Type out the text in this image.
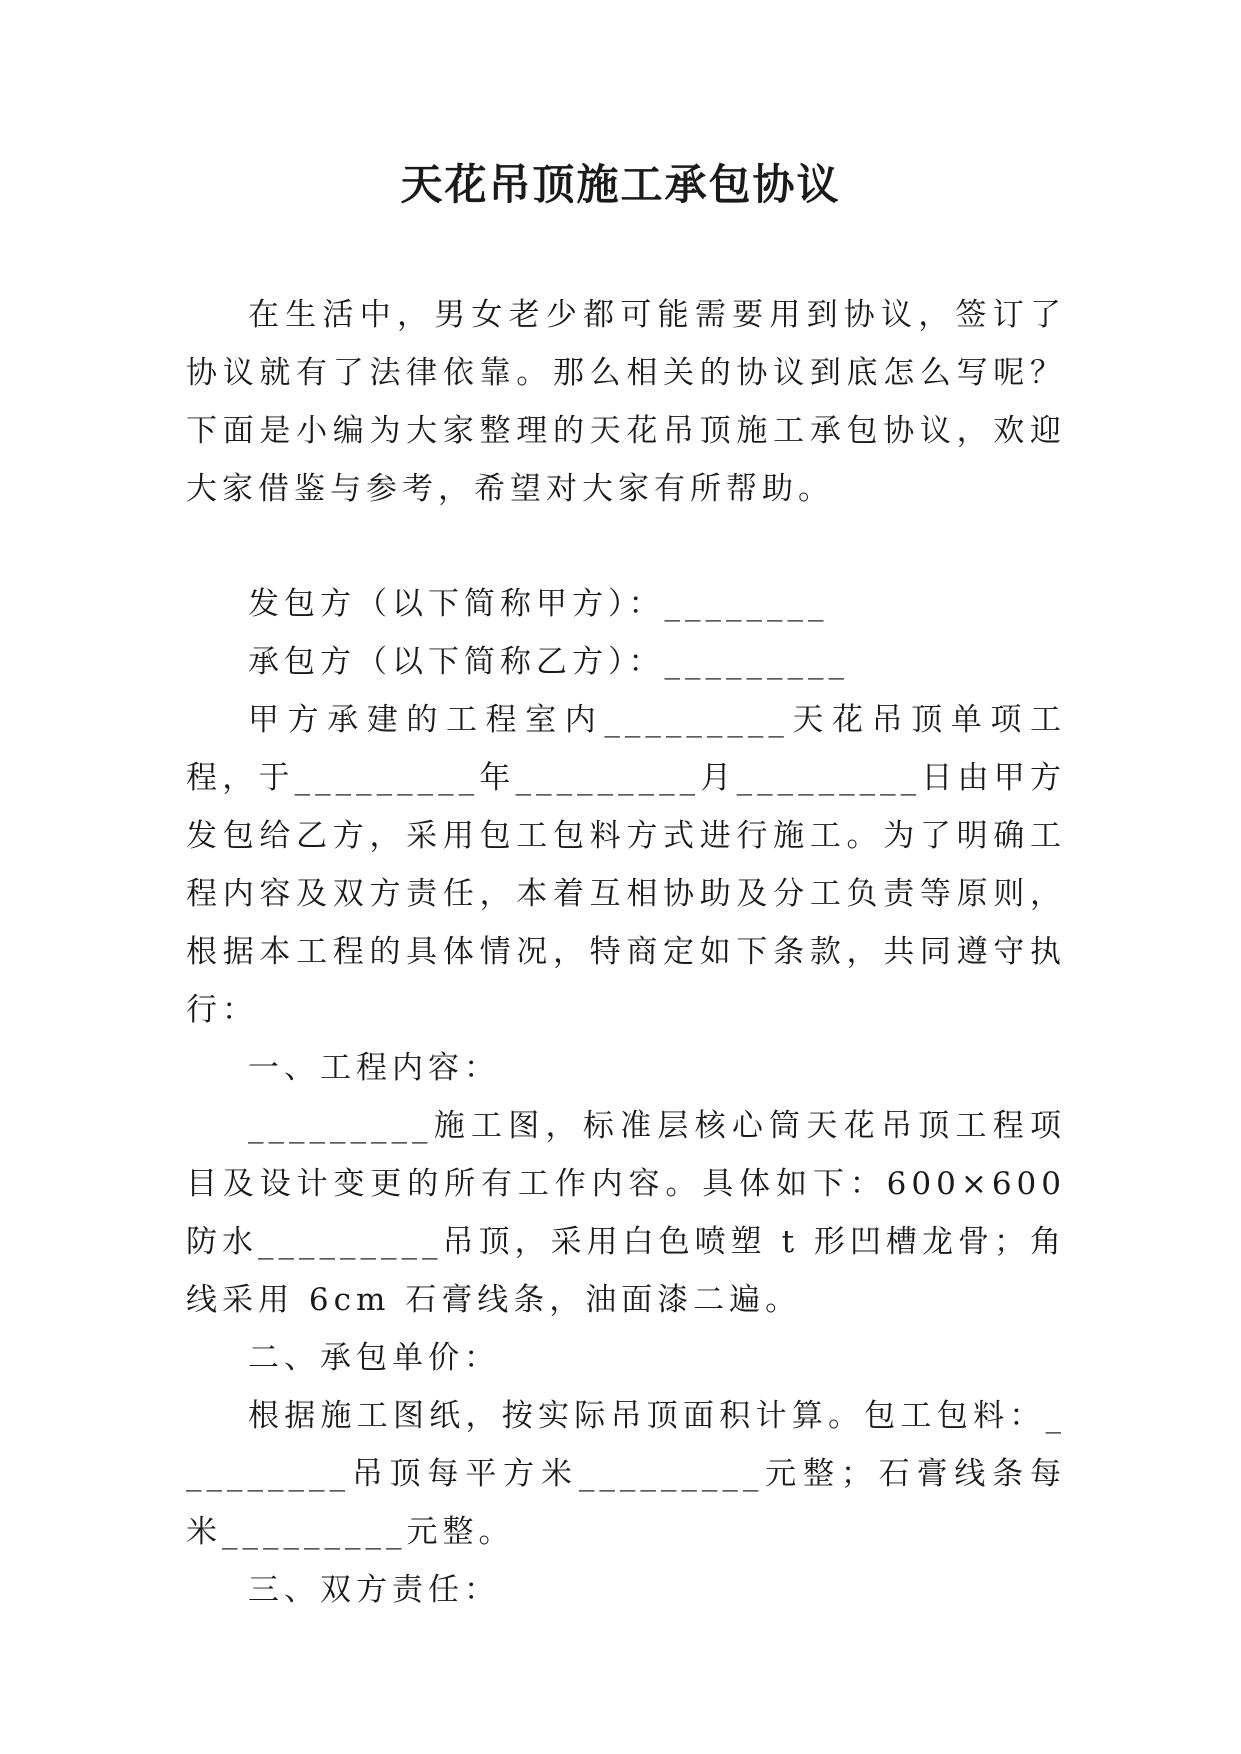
天花吊顶施工承包协议

在生活中，男女老少都可能需要用到协议，签订了协议就有了法律依靠。那么相关的协议到底怎么写呢？下面是小编为大家整理的天花吊顶施工承包协议，欢迎大家借鉴与参考，希望对大家有所帮助。

发包方（以下简称甲方）：________

承包方（以下简称乙方）：_________

甲方承建的工程室内_________天花吊顶单项工程，于_________年_________月_________日由甲方发包给乙方，采用包工包料方式进行施工。为了明确工程内容及双方责任，本着互相协助及分工负责等原则，根据本工程的具体情况，特商定如下条款，共同遵守执行：

一、工程内容：

_________施工图，标准层核心筒天花吊顶工程项目及设计变更的所有工作内容。具体如下：600×600 防水_________吊顶，采用白色喷塑 t 形凹槽龙骨；角线采用 6cm 石膏线条，油面漆二遍。

二、承包单价：

根据施工图纸，按实际吊顶面积计算。包工包料：_________吊顶每平方米_________元整；石膏线条每米_________元整。

三、双方责任：
